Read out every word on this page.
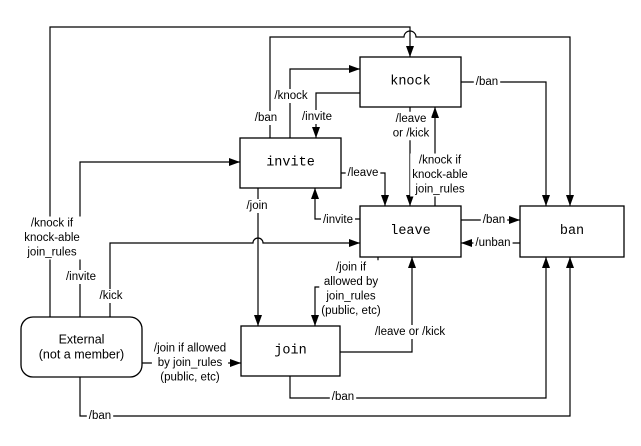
External
(not a member)
invite
knock
leave	ban
join
/knock if
knock-able
join_rules
/ban
/knock
/invite
/invite
/kick
/join
/invite
/leave
/leave
or /kick
/knock if
knock-able
join_rules
/ban
/ban
/unban
/join if
allowed by
join_rules
(public, etc)
/leave or /kick
/join if allowed
by join_rules
(public, etc)
/ban
/ban
